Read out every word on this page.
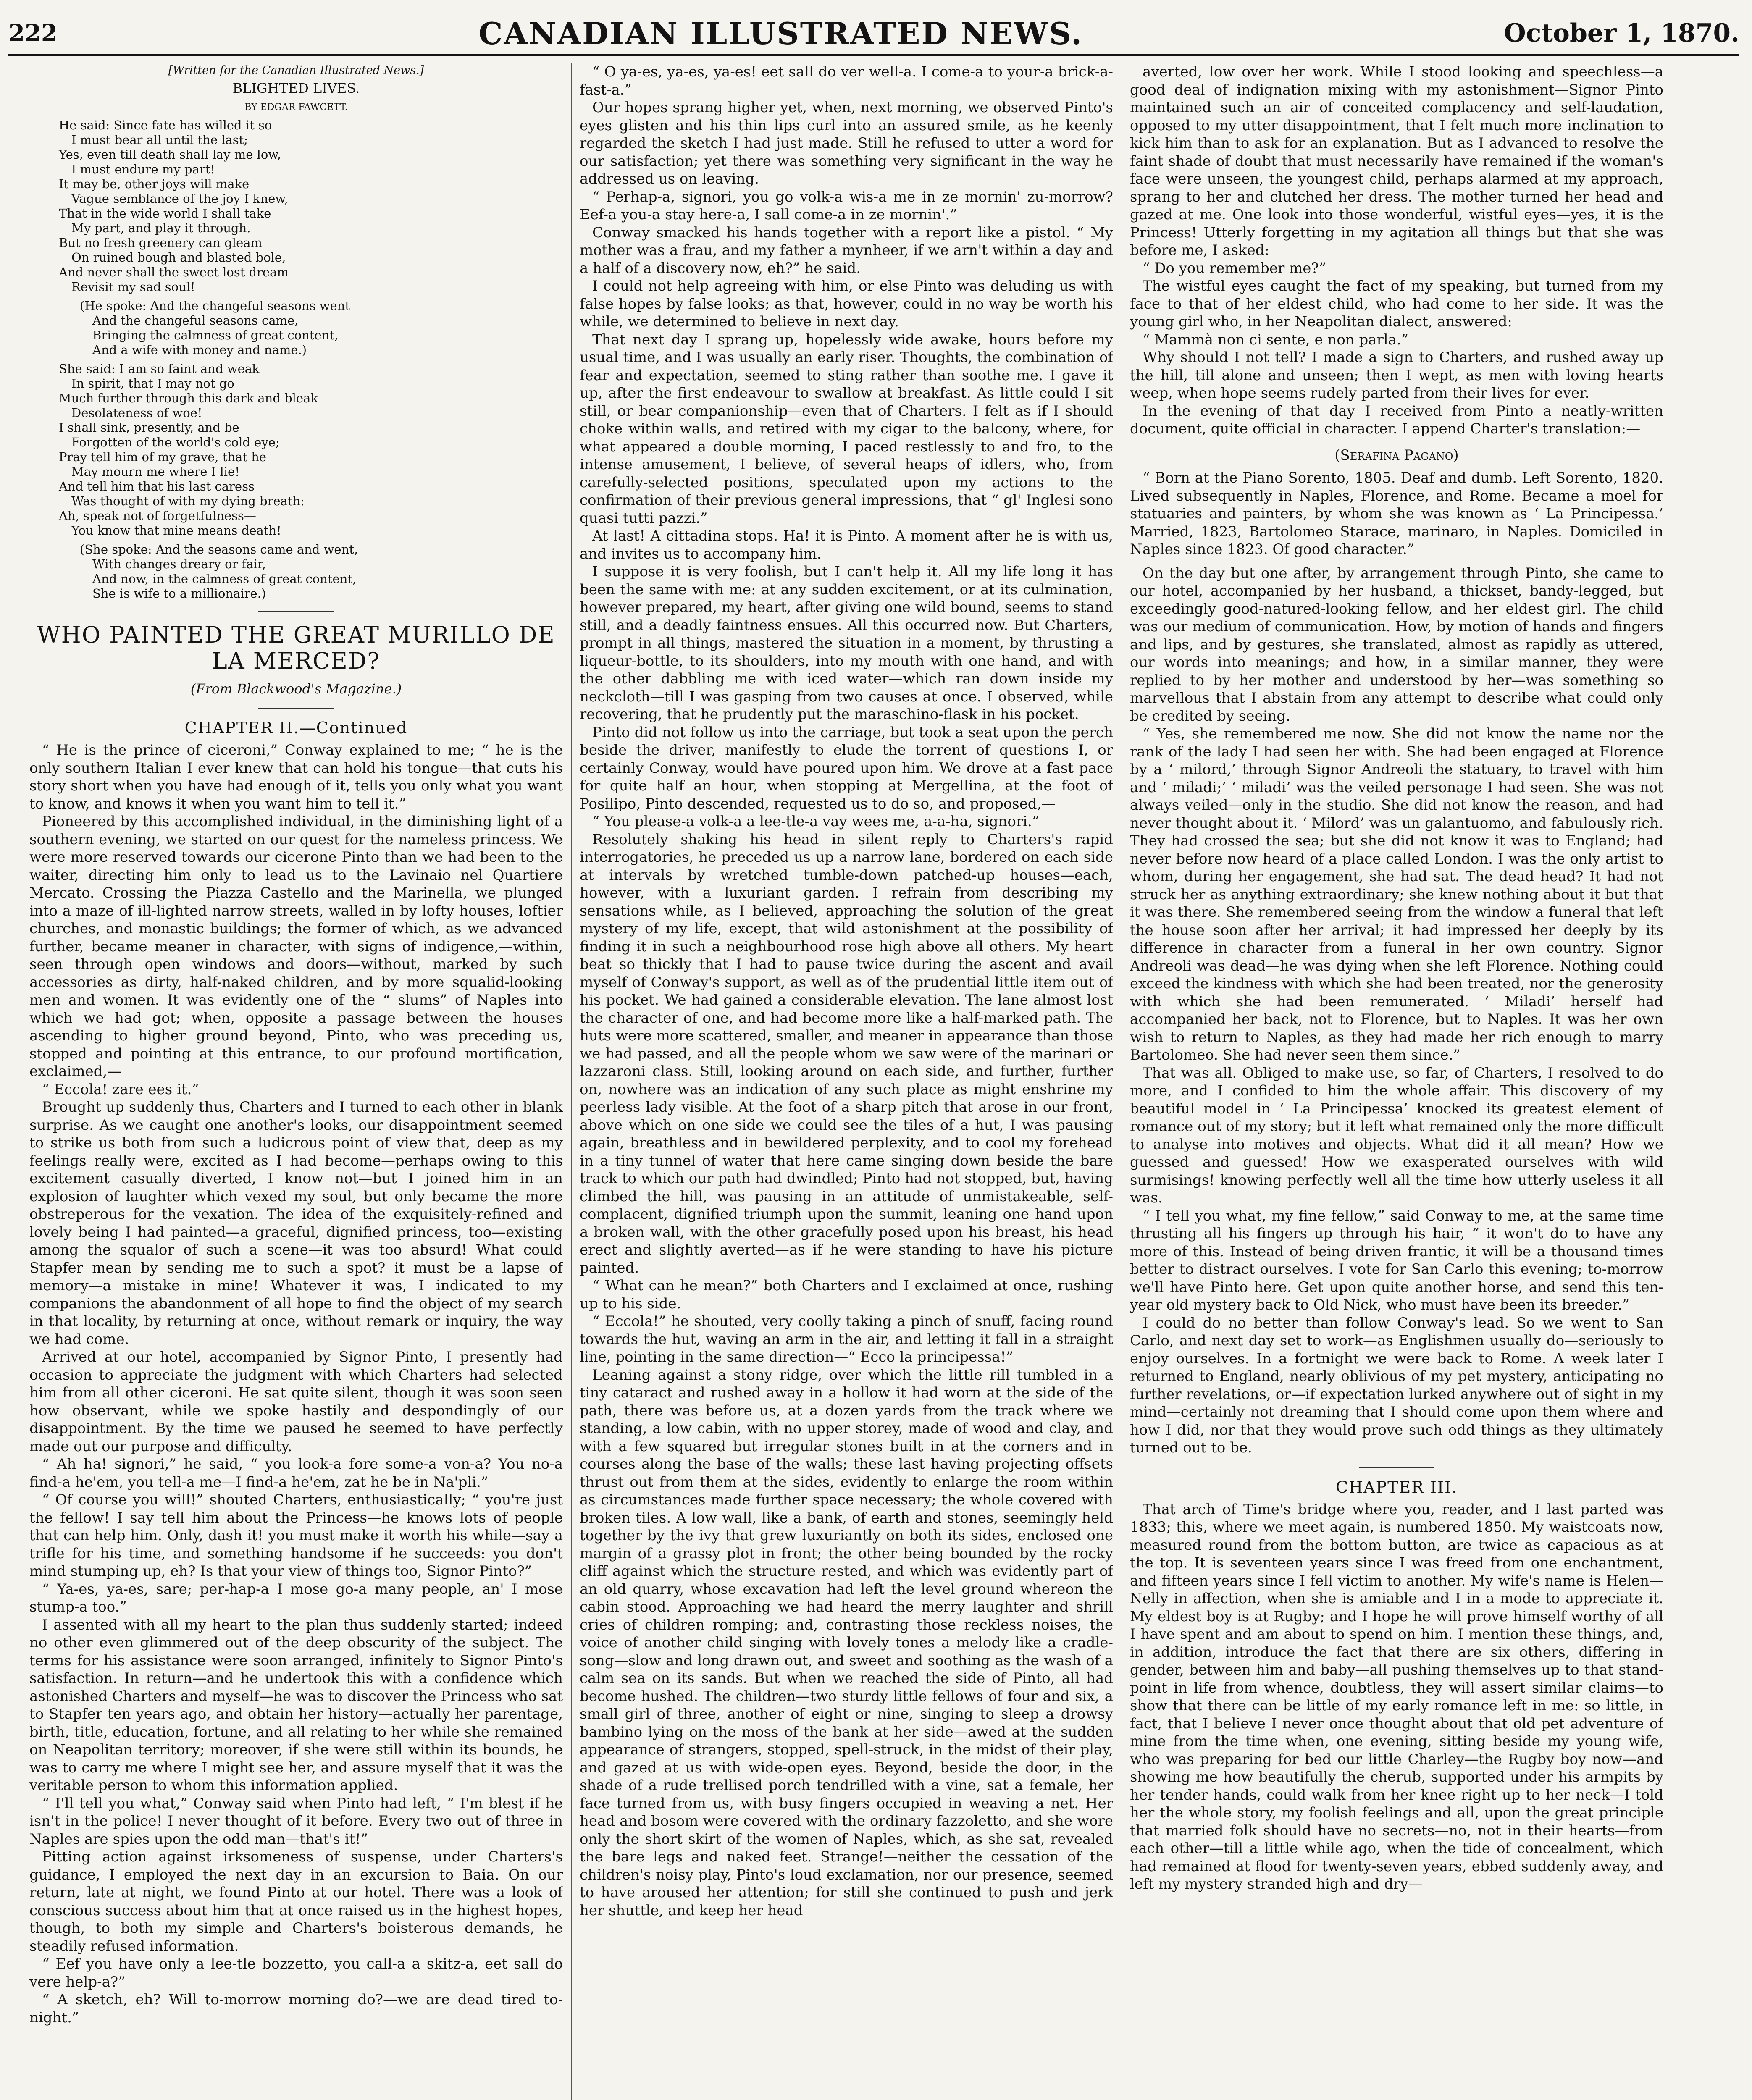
222	CANADIAN ILLUSTRATED NEWS.	October 1, 1870.

[Written for the Canadian Illustrated News.]

BLIGHTED LIVES.

BY EDGAR FAWCETT.

He said: Since fate has willed it so
I must bear all until the last;
Yes, even till death shall lay me low,
I must endure my part!
It may be, other joys will make
Vague semblance of the joy I knew,
That in the wide world I shall take
My part, and play it through.
But no fresh greenery can gleam
On ruined bough and blasted bole,
And never shall the sweet lost dream
Revisit my sad soul!
(He spoke: And the changeful seasons went
And the changeful seasons came,
Bringing the calmness of great content,
And a wife with money and name.)
She said: I am so faint and weak
In spirit, that I may not go
Much further through this dark and bleak
Desolateness of woe!
I shall sink, presently, and be
Forgotten of the world's cold eye;
Pray tell him of my grave, that he
May mourn me where I lie!
And tell him that his last caress
Was thought of with my dying breath:
Ah, speak not of forgetfulness—
You know that mine means death!
(She spoke: And the seasons came and went,
With changes dreary or fair,
And now, in the calmness of great content,
She is wife to a millionaire.)
WHO PAINTED THE GREAT MURILLO DE LA MERCED?

(From Blackwood's Magazine.)

CHAPTER II.—Continued

“ He is the prince of ciceroni,” Conway explained to me; “ he is the only southern Italian I ever knew that can hold his tongue—that cuts his story short when you have had enough of it, tells you only what you want to know, and knows it when you want him to tell it.”

Pioneered by this accomplished individual, in the diminishing light of a southern evening, we started on our quest for the nameless princess. We were more reserved towards our cicerone Pinto than we had been to the waiter, directing him only to lead us to the Lavinaio nel Quartiere Mercato. Crossing the Piazza Castello and the Marinella, we plunged into a maze of ill-lighted narrow streets, walled in by lofty houses, loftier churches, and monastic buildings; the former of which, as we advanced further, became meaner in character, with signs of indigence,—within, seen through open windows and doors—without, marked by such accessories as dirty, half-naked children, and by more squalid-looking men and women. It was evidently one of the “ slums” of Naples into which we had got; when, opposite a passage between the houses ascending to higher ground beyond, Pinto, who was preceding us, stopped and pointing at this entrance, to our profound mortification, exclaimed,—

“ Eccola! zare ees it.”

Brought up suddenly thus, Charters and I turned to each other in blank surprise. As we caught one another's looks, our disappointment seemed to strike us both from such a ludicrous point of view that, deep as my feelings really were, excited as I had become—perhaps owing to this excitement casually diverted, I know not—but I joined him in an explosion of laughter which vexed my soul, but only became the more obstreperous for the vexation. The idea of the exquisitely-refined and lovely being I had painted—a graceful, dignified princess, too—existing among the squalor of such a scene—it was too absurd! What could Stapfer mean by sending me to such a spot? it must be a lapse of memory—a mistake in mine! Whatever it was, I indicated to my companions the abandonment of all hope to find the object of my search in that locality, by returning at once, without remark or inquiry, the way we had come.

Arrived at our hotel, accompanied by Signor Pinto, I presently had occasion to appreciate the judgment with which Charters had selected him from all other ciceroni. He sat quite silent, though it was soon seen how observant, while we spoke hastily and despondingly of our disappointment. By the time we paused he seemed to have perfectly made out our purpose and difficulty.

“ Ah ha! signori,” he said, “ you look-a fore some-a von-a? You no-a find-a he'em, you tell-a me—I find-a he'em, zat he be in Na'pli.”

“ Of course you will!” shouted Charters, enthusiastically; “ you're just the fellow! I say tell him about the Princess—he knows lots of people that can help him. Only, dash it! you must make it worth his while—say a trifle for his time, and something handsome if he succeeds: you don't mind stumping up, eh? Is that your view of things too, Signor Pinto?”

“ Ya-es, ya-es, sare; per-hap-a I mose go-a many people, an' I mose stump-a too.”

I assented with all my heart to the plan thus suddenly started; indeed no other even glimmered out of the deep obscurity of the subject. The terms for his assistance were soon arranged, infinitely to Signor Pinto's satisfaction. In return—and he undertook this with a confidence which astonished Charters and myself—he was to discover the Princess who sat to Stapfer ten years ago, and obtain her history—actually her parentage, birth, title, education, fortune, and all relating to her while she remained on Neapolitan territory; moreover, if she were still within its bounds, he was to carry me where I might see her, and assure myself that it was the veritable person to whom this information applied.

“ I'll tell you what,” Conway said when Pinto had left, “ I'm blest if he isn't in the police! I never thought of it before. Every two out of three in Naples are spies upon the odd man—that's it!”

Pitting action against irksomeness of suspense, under Charters's guidance, I employed the next day in an excursion to Baia. On our return, late at night, we found Pinto at our hotel. There was a look of conscious success about him that at once raised us in the highest hopes, though, to both my simple and Charters's boisterous demands, he steadily refused information.

“ Eef you have only a lee-tle bozzetto, you call-a a skitz-a, eet sall do vere help-a?”

“ A sketch, eh? Will to-morrow morning do?—we are dead tired to-night.”

“ O ya-es, ya-es, ya-es! eet sall do ver well-a. I come-a to your-a brick-a-fast-a.”

Our hopes sprang higher yet, when, next morning, we observed Pinto's eyes glisten and his thin lips curl into an assured smile, as he keenly regarded the sketch I had just made. Still he refused to utter a word for our satisfaction; yet there was something very significant in the way he addressed us on leaving.

“ Perhap-a, signori, you go volk-a wis-a me in ze mornin' zu-morrow? Eef-a you-a stay here-a, I sall come-a in ze mornin'.”

Conway smacked his hands together with a report like a pistol. “ My mother was a frau, and my father a mynheer, if we arn't within a day and a half of a discovery now, eh?” he said.

I could not help agreeing with him, or else Pinto was deluding us with false hopes by false looks; as that, however, could in no way be worth his while, we determined to believe in next day.

That next day I sprang up, hopelessly wide awake, hours before my usual time, and I was usually an early riser. Thoughts, the combination of fear and expectation, seemed to sting rather than soothe me. I gave it up, after the first endeavour to swallow at breakfast. As little could I sit still, or bear companionship—even that of Charters. I felt as if I should choke within walls, and retired with my cigar to the balcony, where, for what appeared a double morning, I paced restlessly to and fro, to the intense amusement, I believe, of several heaps of idlers, who, from carefully-selected positions, speculated upon my actions to the confirmation of their previous general impressions, that “ gl' Inglesi sono quasi tutti pazzi.”

At last! A cittadina stops. Ha! it is Pinto. A moment after he is with us, and invites us to accompany him.

I suppose it is very foolish, but I can't help it. All my life long it has been the same with me: at any sudden excitement, or at its culmination, however prepared, my heart, after giving one wild bound, seems to stand still, and a deadly faintness ensues. All this occurred now. But Charters, prompt in all things, mastered the situation in a moment, by thrusting a liqueur-bottle, to its shoulders, into my mouth with one hand, and with the other dabbling me with iced water—which ran down inside my neckcloth—till I was gasping from two causes at once. I observed, while recovering, that he prudently put the maraschino-flask in his pocket.

Pinto did not follow us into the carriage, but took a seat upon the perch beside the driver, manifestly to elude the torrent of questions I, or certainly Conway, would have poured upon him. We drove at a fast pace for quite half an hour, when stopping at Mergellina, at the foot of Posilipo, Pinto descended, requested us to do so, and proposed,—

“ You please-a volk-a a lee-tle-a vay wees me, a-a-ha, signori.”

Resolutely shaking his head in silent reply to Charters's rapid interrogatories, he preceded us up a narrow lane, bordered on each side at intervals by wretched tumble-down patched-up houses—each, however, with a luxuriant garden. I refrain from describing my sensations while, as I believed, approaching the solution of the great mystery of my life, except, that wild astonishment at the possibility of finding it in such a neighbourhood rose high above all others. My heart beat so thickly that I had to pause twice during the ascent and avail myself of Conway's support, as well as of the prudential little item out of his pocket. We had gained a considerable elevation. The lane almost lost the character of one, and had become more like a half-marked path. The huts were more scattered, smaller, and meaner in appearance than those we had passed, and all the people whom we saw were of the marinari or lazzaroni class. Still, looking around on each side, and further, further on, nowhere was an indication of any such place as might enshrine my peerless lady visible. At the foot of a sharp pitch that arose in our front, above which on one side we could see the tiles of a hut, I was pausing again, breathless and in bewildered perplexity, and to cool my forehead in a tiny tunnel of water that here came singing down beside the bare track to which our path had dwindled; Pinto had not stopped, but, having climbed the hill, was pausing in an attitude of unmistakeable, self-complacent, dignified triumph upon the summit, leaning one hand upon a broken wall, with the other gracefully posed upon his breast, his head erect and slightly averted—as if he were standing to have his picture painted.

“ What can he mean?” both Charters and I exclaimed at once, rushing up to his side.

“ Eccola!” he shouted, very coolly taking a pinch of snuff, facing round towards the hut, waving an arm in the air, and letting it fall in a straight line, pointing in the same direction—“ Ecco la principessa!”

Leaning against a stony ridge, over which the little rill tumbled in a tiny cataract and rushed away in a hollow it had worn at the side of the path, there was before us, at a dozen yards from the track where we standing, a low cabin, with no upper storey, made of wood and clay, and with a few squared but irregular stones built in at the corners and in courses along the base of the walls; these last having projecting offsets thrust out from them at the sides, evidently to enlarge the room within as circumstances made further space necessary; the whole covered with broken tiles. A low wall, like a bank, of earth and stones, seemingly held together by the ivy that grew luxuriantly on both its sides, enclosed one margin of a grassy plot in front; the other being bounded by the rocky cliff against which the structure rested, and which was evidently part of an old quarry, whose excavation had left the level ground whereon the cabin stood. Approaching we had heard the merry laughter and shrill cries of children romping; and, contrasting those reckless noises, the voice of another child singing with lovely tones a melody like a cradle-song—slow and long drawn out, and sweet and soothing as the wash of a calm sea on its sands. But when we reached the side of Pinto, all had become hushed. The children—two sturdy little fellows of four and six, a small girl of three, another of eight or nine, singing to sleep a drowsy bambino lying on the moss of the bank at her side—awed at the sudden appearance of strangers, stopped, spell-struck, in the midst of their play, and gazed at us with wide-open eyes. Beyond, beside the door, in the shade of a rude trellised porch tendrilled with a vine, sat a female, her face turned from us, with busy fingers occupied in weaving a net. Her head and bosom were covered with the ordinary fazzoletto, and she wore only the short skirt of the women of Naples, which, as she sat, revealed the bare legs and naked feet. Strange!—neither the cessation of the children's noisy play, Pinto's loud exclamation, nor our presence, seemed to have aroused her attention; for still she continued to push and jerk her shuttle, and keep her head

averted, low over her work. While I stood looking and speechless—a good deal of indignation mixing with my astonishment—Signor Pinto maintained such an air of conceited complacency and self-laudation, opposed to my utter disappointment, that I felt much more inclination to kick him than to ask for an explanation. But as I advanced to resolve the faint shade of doubt that must necessarily have remained if the woman's face were unseen, the youngest child, perhaps alarmed at my approach, sprang to her and clutched her dress. The mother turned her head and gazed at me. One look into those wonderful, wistful eyes—yes, it is the Princess! Utterly forgetting in my agitation all things but that she was before me, I asked:

“ Do you remember me?”

The wistful eyes caught the fact of my speaking, but turned from my face to that of her eldest child, who had come to her side. It was the young girl who, in her Neapolitan dialect, answered:

“ Mammà non ci sente, e non parla.”

Why should I not tell? I made a sign to Charters, and rushed away up the hill, till alone and unseen; then I wept, as men with loving hearts weep, when hope seems rudely parted from their lives for ever.

In the evening of that day I received from Pinto a neatly-written document, quite official in character. I append Charter's translation:—

(Serafina Pagano)

“ Born at the Piano Sorento, 1805. Deaf and dumb. Left Sorento, 1820. Lived subsequently in Naples, Florence, and Rome. Became a moel for statuaries and painters, by whom she was known as ‘ La Principessa.’ Married, 1823, Bartolomeo Starace, marinaro, in Naples. Domiciled in Naples since 1823. Of good character.”

On the day but one after, by arrangement through Pinto, she came to our hotel, accompanied by her husband, a thickset, bandy-legged, but exceedingly good-natured-looking fellow, and her eldest girl. The child was our medium of communication. How, by motion of hands and fingers and lips, and by gestures, she translated, almost as rapidly as uttered, our words into meanings; and how, in a similar manner, they were replied to by her mother and understood by her—was something so marvellous that I abstain from any attempt to describe what could only be credited by seeing.

“ Yes, she remembered me now. She did not know the name nor the rank of the lady I had seen her with. She had been engaged at Florence by a ‘ milord,’ through Signor Andreoli the statuary, to travel with him and ‘ miladi;’ ‘ miladi’ was the veiled personage I had seen. She was not always veiled—only in the studio. She did not know the reason, and had never thought about it. ‘ Milord’ was un galantuomo, and fabulously rich. They had crossed the sea; but she did not know it was to England; had never before now heard of a place called London. I was the only artist to whom, during her engagement, she had sat. The dead head? It had not struck her as anything extraordinary; she knew nothing about it but that it was there. She remembered seeing from the window a funeral that left the house soon after her arrival; it had impressed her deeply by its difference in character from a funeral in her own country. Signor Andreoli was dead—he was dying when she left Florence. Nothing could exceed the kindness with which she had been treated, nor the generosity with which she had been remunerated. ‘ Miladi’ herself had accompanied her back, not to Florence, but to Naples. It was her own wish to return to Naples, as they had made her rich enough to marry Bartolomeo. She had never seen them since.”

That was all. Obliged to make use, so far, of Charters, I resolved to do more, and I confided to him the whole affair. This discovery of my beautiful model in ‘ La Principessa’ knocked its greatest element of romance out of my story; but it left what remained only the more difficult to analyse into motives and objects. What did it all mean? How we guessed and guessed! How we exasperated ourselves with wild surmisings! knowing perfectly well all the time how utterly useless it all was.

“ I tell you what, my fine fellow,” said Conway to me, at the same time thrusting all his fingers up through his hair, “ it won't do to have any more of this. Instead of being driven frantic, it will be a thousand times better to distract ourselves. I vote for San Carlo this evening; to-morrow we'll have Pinto here. Get upon quite another horse, and send this ten-year old mystery back to Old Nick, who must have been its breeder.”

I could do no better than follow Conway's lead. So we went to San Carlo, and next day set to work—as Englishmen usually do—seriously to enjoy ourselves. In a fortnight we were back to Rome. A week later I returned to England, nearly oblivious of my pet mystery, anticipating no further revelations, or—if expectation lurked anywhere out of sight in my mind—certainly not dreaming that I should come upon them where and how I did, nor that they would prove such odd things as they ultimately turned out to be.

CHAPTER III.

That arch of Time's bridge where you, reader, and I last parted was 1833; this, where we meet again, is numbered 1850. My waistcoats now, measured round from the bottom button, are twice as capacious as at the top. It is seventeen years since I was freed from one enchantment, and fifteen years since I fell victim to another. My wife's name is Helen—Nelly in affection, when she is amiable and I in a mode to appreciate it. My eldest boy is at Rugby; and I hope he will prove himself worthy of all I have spent and am about to spend on him. I mention these things, and, in addition, introduce the fact that there are six others, differing in gender, between him and baby—all pushing themselves up to that stand-point in life from whence, doubtless, they will assert similar claims—to show that there can be little of my early romance left in me: so little, in fact, that I believe I never once thought about that old pet adventure of mine from the time when, one evening, sitting beside my young wife, who was preparing for bed our little Charley—the Rugby boy now—and showing me how beautifully the cherub, supported under his armpits by her tender hands, could walk from her knee right up to her neck—I told her the whole story, my foolish feelings and all, upon the great principle that married folk should have no secrets—no, not in their hearts—from each other—till a little while ago, when the tide of concealment, which had remained at flood for twenty-seven years, ebbed suddenly away, and left my mystery stranded high and dry—
